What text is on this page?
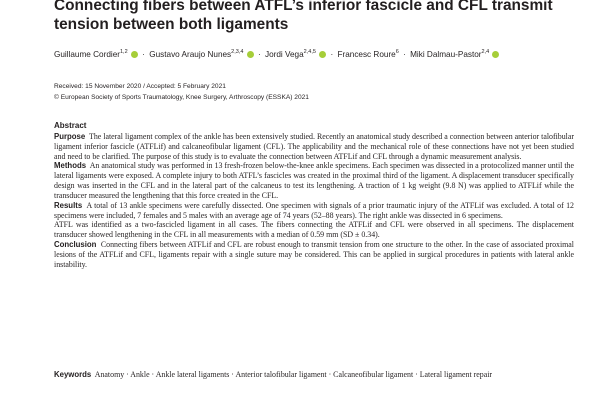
Connecting fibers between ATFL’s inferior fascicle and CFL transmit
tension between both ligaments
Guillaume Cordier$^{1,2}$ · Gustavo Araujo Nunes$^{2,3,4}$ · Jordi Vega$^{2,4,5}$ · Francesc Roure$^6$ · Miki Dalmau-Pastor$^{2,4}$
Received: 15 November 2020 / Accepted: 5 February 2021
© European Society of Sports Traumatology, Knee Surgery, Arthroscopy (ESSKA) 2021
Abstract

Purpose The lateral ligament complex of the ankle has been extensively studied. Recently an anatomical study described a connection between anterior talofibular ligament inferior fascicle (ATFLif) and calcaneofibular ligament (CFL). The applicability and the mechanical role of these connections have not yet been studied and need to be clarified. The purpose of this study is to evaluate the connection between ATFLif and CFL through a dynamic measurement analysis.

Methods An anatomical study was performed in 13 fresh-frozen below-the-knee ankle specimens. Each specimen was dissected in a protocolized manner until the lateral ligaments were exposed. A complete injury to both ATFL’s fascicles was created in the proximal third of the ligament. A displacement transducer specifically design was inserted in the CFL and in the lateral part of the calcaneus to test its lengthening. A traction of 1 kg weight (9.8 N) was applied to ATFLif while the transducer measured the lengthening that this force created in the CFL.

Results A total of 13 ankle specimens were carefully dissected. One specimen with signals of a prior traumatic injury of the ATFLif was excluded. A total of 12 specimens were included, 7 females and 5 males with an average age of 74 years (52–88 years). The right ankle was dissected in 6 specimens.

ATFL was identified as a two-fascicled ligament in all cases. The fibers connecting the ATFLif and CFL were observed in all specimens. The displacement transducer showed lengthening in the CFL in all measurements with a median of 0.59 mm (SD ± 0.34).

Conclusion Connecting fibers between ATFLif and CFL are robust enough to transmit tension from one structure to the other. In the case of associated proximal lesions of the ATFLif and CFL, ligaments repair with a single suture may be considered. This can be applied in surgical procedures in patients with lateral ankle instability.

Keywords Anatomy · Ankle · Ankle lateral ligaments · Anterior talofibular ligament · Calcaneofibular ligament · Lateral ligament repair
